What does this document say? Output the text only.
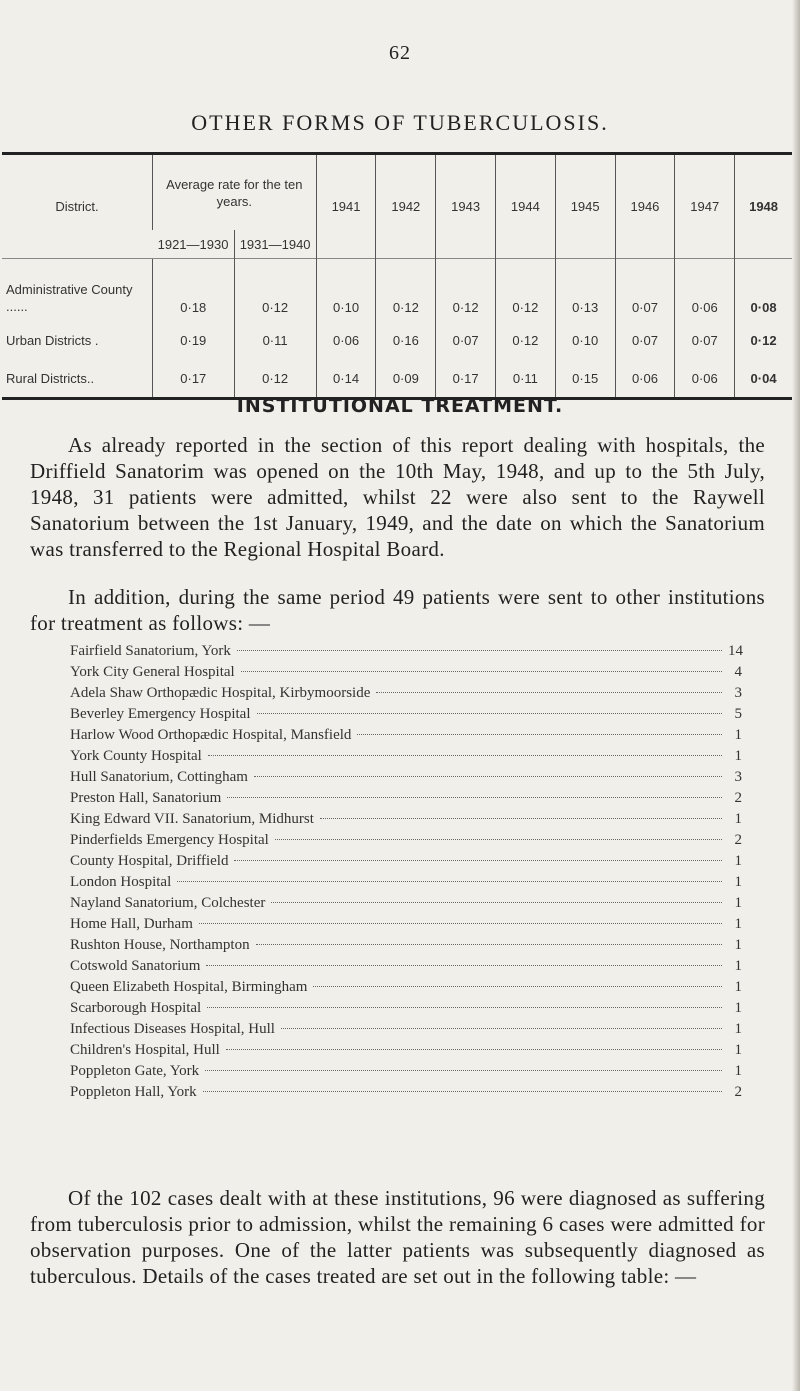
62
OTHER FORMS OF TUBERCULOSIS.
District.	Average rate for the ten years.		1941	1942	1943	1944	1945	1946	1947	1948
	1921—1930	1931—1940								
Administrative County ......	0·18	0·12	0·10	0·12	0·12	0·12	0·13	0·07	0·06	0·08
Urban Districts .	0·19	0·11	0·06	0·16	0·07	0·12	0·10	0·07	0·07	0·12
Rural Districts..	0·17	0·12	0·14	0·09	0·17	0·11	0·15	0·06	0·06	0·04
INSTITUTIONAL TREATMENT.

As already reported in the section of this report dealing with hospitals, the Driffield Sanatorim was opened on the 10th May, 1948, and up to the 5th July, 1948, 31 patients were admitted, whilst 22 were also sent to the Raywell Sanatorium between the 1st January, 1949, and the date on which the Sanatorium was transferred to the Regional Hospital Board.

In addition, during the same period 49 patients were sent to other institutions for treatment as follows: —

Fairfield Sanatorium, York	14
York City General Hospital	4
Adela Shaw Orthopædic Hospital, Kirbymoorside	3
Beverley Emergency Hospital	5
Harlow Wood Orthopædic Hospital, Mansfield	1
York County Hospital	1
Hull Sanatorium, Cottingham	3
Preston Hall, Sanatorium	2
King Edward VII. Sanatorium, Midhurst	1
Pinderfields Emergency Hospital	2
County Hospital, Driffield	1
London Hospital	1
Nayland Sanatorium, Colchester	1
Home Hall, Durham	1
Rushton House, Northampton	1
Cotswold Sanatorium	1
Queen Elizabeth Hospital, Birmingham	1
Scarborough Hospital	1
Infectious Diseases Hospital, Hull	1
Children's Hospital, Hull	1
Poppleton Gate, York	1
Poppleton Hall, York	2

Of the 102 cases dealt with at these institutions, 96 were diagnosed as suffering from tuberculosis prior to admission, whilst the remaining 6 cases were admitted for observation purposes. One of the latter patients was subsequently diagnosed as tuberculous. Details of the cases treated are set out in the following table: —
